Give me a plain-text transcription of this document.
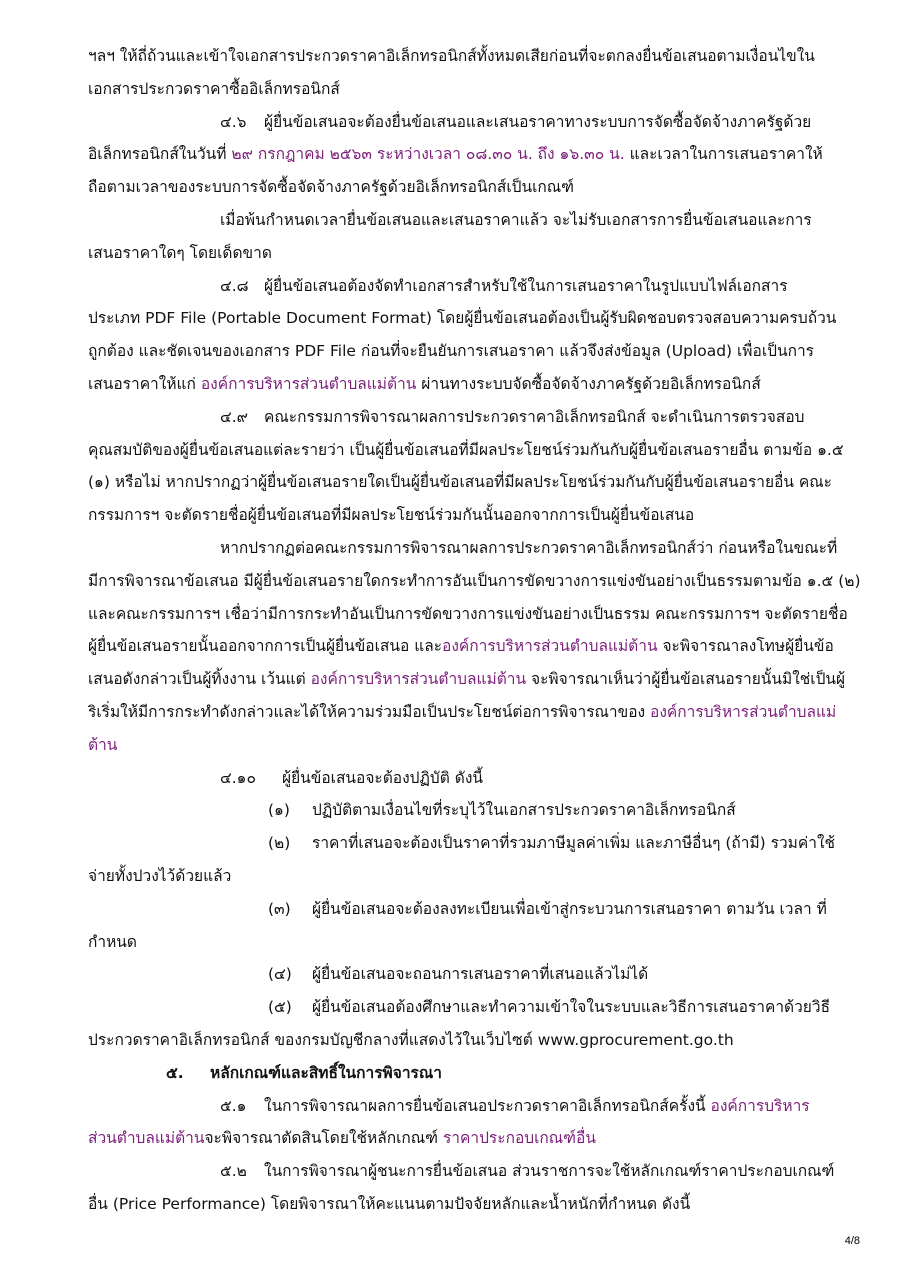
ฯลฯ ให้ถี่ถ้วนและเข้าใจเอกสารประกวดราคาอิเล็กทรอนิกส์ทั้งหมดเสียก่อนที่จะตกลงยื่นข้อเสนอตามเงื่อนไขใน

เอกสารประกวดราคาซื้ออิเล็กทรอนิกส์

๔.๖ ผู้ยื่นข้อเสนอจะต้องยื่นข้อเสนอและเสนอราคาทางระบบการจัดซื้อจัดจ้างภาครัฐด้วย

อิเล็กทรอนิกส์ในวันที่ ๒๙ กรกฎาคม ๒๕๖๓ ระหว่างเวลา ๐๘.๓๐ น. ถึง ๑๖.๓๐ น. และเวลาในการเสนอราคาให้

ถือตามเวลาของระบบการจัดซื้อจัดจ้างภาครัฐด้วยอิเล็กทรอนิกส์เป็นเกณฑ์

เมื่อพ้นกำหนดเวลายื่นข้อเสนอและเสนอราคาแล้ว จะไม่รับเอกสารการยื่นข้อเสนอและการ

เสนอราคาใดๆ โดยเด็ดขาด

๔.๘ ผู้ยื่นข้อเสนอต้องจัดทำเอกสารสำหรับใช้ในการเสนอราคาในรูปแบบไฟล์เอกสาร

ประเภท PDF File (Portable Document Format) โดยผู้ยื่นข้อเสนอต้องเป็นผู้รับผิดชอบตรวจสอบความครบถ้วน

ถูกต้อง และชัดเจนของเอกสาร PDF File ก่อนที่จะยืนยันการเสนอราคา แล้วจึงส่งข้อมูล (Upload) เพื่อเป็นการ

เสนอราคาให้แก่ องค์การบริหารส่วนตำบลแม่ต้าน ผ่านทางระบบจัดซื้อจัดจ้างภาครัฐด้วยอิเล็กทรอนิกส์

๔.๙ คณะกรรมการพิจารณาผลการประกวดราคาอิเล็กทรอนิกส์ จะดำเนินการตรวจสอบ

คุณสมบัติของผู้ยื่นข้อเสนอแต่ละรายว่า เป็นผู้ยื่นข้อเสนอที่มีผลประโยชน์ร่วมกันกับผู้ยื่นข้อเสนอรายอื่น ตามข้อ ๑.๕

(๑) หรือไม่ หากปรากฏว่าผู้ยื่นข้อเสนอรายใดเป็นผู้ยื่นข้อเสนอที่มีผลประโยชน์ร่วมกันกับผู้ยื่นข้อเสนอรายอื่น คณะ

กรรมการฯ จะตัดรายชื่อผู้ยื่นข้อเสนอที่มีผลประโยชน์ร่วมกันนั้นออกจากการเป็นผู้ยื่นข้อเสนอ

หากปรากฏต่อคณะกรรมการพิจารณาผลการประกวดราคาอิเล็กทรอนิกส์ว่า ก่อนหรือในขณะที่

มีการพิจารณาข้อเสนอ มีผู้ยื่นข้อเสนอรายใดกระทำการอันเป็นการขัดขวางการแข่งขันอย่างเป็นธรรมตามข้อ ๑.๕ (๒)

และคณะกรรมการฯ เชื่อว่ามีการกระทำอันเป็นการขัดขวางการแข่งขันอย่างเป็นธรรม คณะกรรมการฯ จะตัดรายชื่อ

ผู้ยื่นข้อเสนอรายนั้นออกจากการเป็นผู้ยื่นข้อเสนอ และองค์การบริหารส่วนตำบลแม่ต้าน จะพิจารณาลงโทษผู้ยื่นข้อ

เสนอดังกล่าวเป็นผู้ทิ้งงาน เว้นแต่ องค์การบริหารส่วนตำบลแม่ต้าน จะพิจารณาเห็นว่าผู้ยื่นข้อเสนอรายนั้นมิใช่เป็นผู้

ริเริ่มให้มีการกระทำดังกล่าวและได้ให้ความร่วมมือเป็นประโยชน์ต่อการพิจารณาของ องค์การบริหารส่วนตำบลแม่

ต้าน

๔.๑๐ ผู้ยื่นข้อเสนอจะต้องปฏิบัติ ดังนี้

(๑) ปฏิบัติตามเงื่อนไขที่ระบุไว้ในเอกสารประกวดราคาอิเล็กทรอนิกส์

(๒) ราคาที่เสนอจะต้องเป็นราคาที่รวมภาษีมูลค่าเพิ่ม และภาษีอื่นๆ (ถ้ามี) รวมค่าใช้

จ่ายทั้งปวงไว้ด้วยแล้ว

(๓) ผู้ยื่นข้อเสนอจะต้องลงทะเบียนเพื่อเข้าสู่กระบวนการเสนอราคา ตามวัน เวลา ที่

กำหนด

(๔) ผู้ยื่นข้อเสนอจะถอนการเสนอราคาที่เสนอแล้วไม่ได้

(๕) ผู้ยื่นข้อเสนอต้องศึกษาและทำความเข้าใจในระบบและวิธีการเสนอราคาด้วยวิธี

ประกวดราคาอิเล็กทรอนิกส์ ของกรมบัญชีกลางที่แสดงไว้ในเว็บไซต์ www.gprocurement.go.th

๕. หลักเกณฑ์และสิทธิ์ในการพิจารณา

๕.๑ ในการพิจารณาผลการยื่นข้อเสนอประกวดราคาอิเล็กทรอนิกส์ครั้งนี้ องค์การบริหาร

ส่วนตำบลแม่ต้านจะพิจารณาตัดสินโดยใช้หลักเกณฑ์ ราคาประกอบเกณฑ์อื่น

๕.๒ ในการพิจารณาผู้ชนะการยื่นข้อเสนอ ส่วนราชการจะใช้หลักเกณฑ์ราคาประกอบเกณฑ์

อื่น (Price Performance) โดยพิจารณาให้คะแนนตามปัจจัยหลักและน้ำหนักที่กำหนด ดังนี้

4/8
